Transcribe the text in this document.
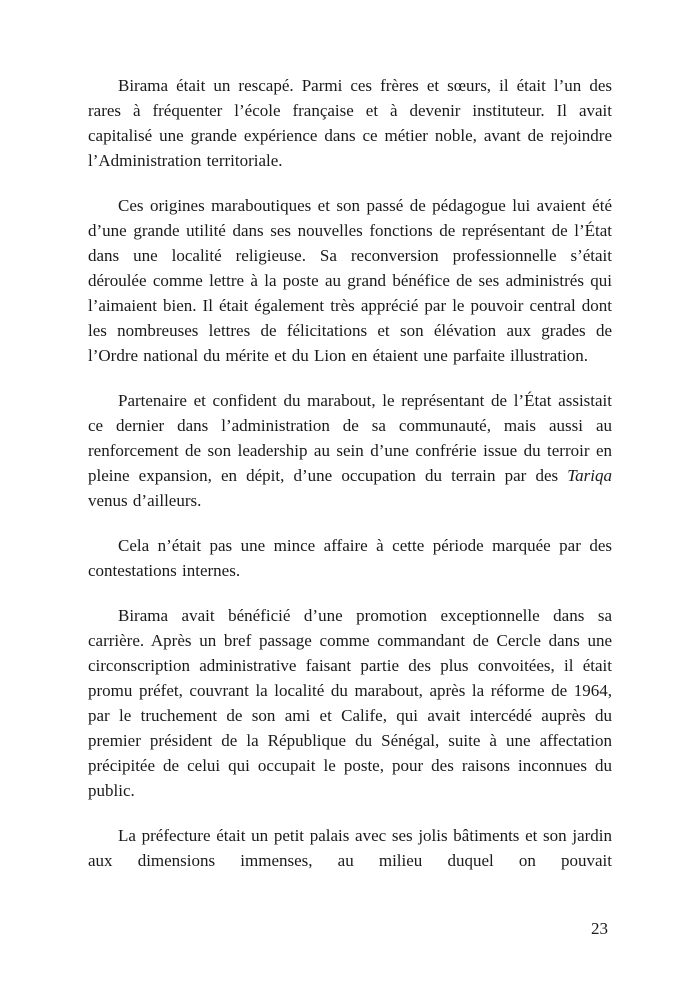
Birama était un rescapé. Parmi ces frères et sœurs, il était l’un des rares à fréquenter l’école française et à devenir instituteur. Il avait capitalisé une grande expérience dans ce métier noble, avant de rejoindre l’Administration territoriale.

Ces origines maraboutiques et son passé de pédagogue lui avaient été d’une grande utilité dans ses nouvelles fonctions de représentant de l’État dans une localité religieuse. Sa reconversion professionnelle s’était déroulée comme lettre à la poste au grand bénéfice de ses administrés qui l’aimaient bien. Il était également très apprécié par le pouvoir central dont les nombreuses lettres de félicitations et son élévation aux grades de l’Ordre national du mérite et du Lion en étaient une parfaite illustration.

Partenaire et confident du marabout, le représentant de l’État assistait ce dernier dans l’administration de sa communauté, mais aussi au renforcement de son leadership au sein d’une confrérie issue du terroir en pleine expansion, en dépit, d’une occupation du terrain par des Tariqa venus d’ailleurs.

Cela n’était pas une mince affaire à cette période marquée par des contestations internes.

Birama avait bénéficié d’une promotion exceptionnelle dans sa carrière. Après un bref passage comme commandant de Cercle dans une circonscription administrative faisant partie des plus convoitées, il était promu préfet, couvrant la localité du marabout, après la réforme de 1964, par le truchement de son ami et Calife, qui avait intercédé auprès du premier président de la République du Sénégal, suite à une affectation précipitée de celui qui occupait le poste, pour des raisons inconnues du public.

La préfecture était un petit palais avec ses jolis bâtiments et son jardin aux dimensions immenses, au milieu duquel on pouvait

23
